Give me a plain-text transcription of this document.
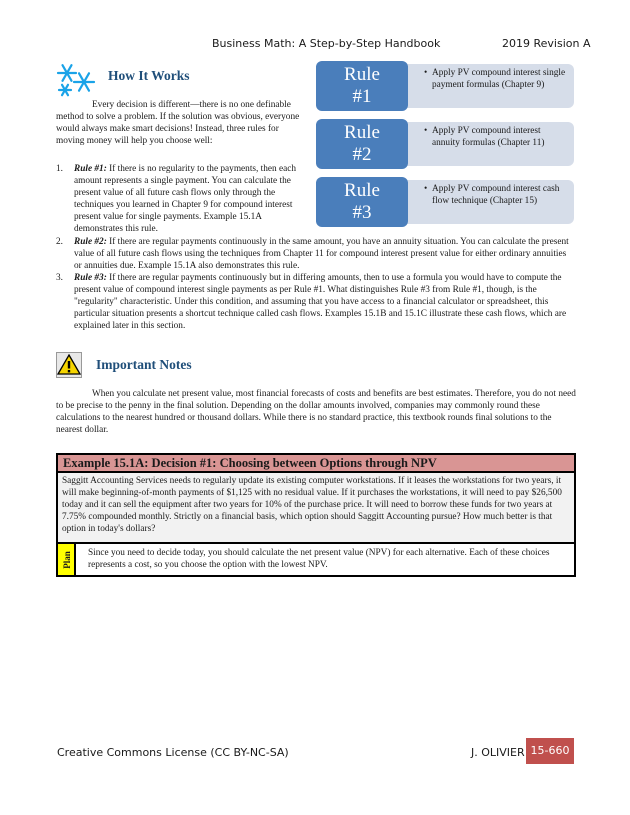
Business Math: A Step-by-Step Handbook	2019 Revision A
How It Works

Every decision is different—there is no one definable method to solve a problem. If the solution was obvious, everyone would always make smart decisions! Instead, three rules for moving money will help you choose well:

1. Rule #1: If there is no regularity to the payments, then each amount represents a single payment. You can calculate the present value of all future cash flows only through the techniques you learned in Chapter 9 for compound interest present value for single payments. Example 15.1A demonstrates this rule.
2. Rule #2: If there are regular payments continuously in the same amount, you have an annuity situation. You can calculate the present value of all future cash flows using the techniques from Chapter 11 for compound interest present value for either ordinary annuities or annuities due. Example 15.1A also demonstrates this rule.
3. Rule #3: If there are regular payments continuously but in differing amounts, then to use a formula you would have to compute the present value of compound interest single payments as per Rule #1. What distinguishes Rule #3 from Rule #1, though, is the "regularity" characteristic. Under this condition, and assuming that you have access to a financial calculator or spreadsheet, this particular situation presents a shortcut technique called cash flows. Examples 15.1B and 15.1C illustrate these cash flows, which are explained later in this section.
• Apply PV compound interest single payment formulas (Chapter 9)
Rule
#1
• Apply PV compound interest annuity formulas (Chapter 11)
Rule
#2
• Apply PV compound interest cash flow technique (Chapter 15)
Rule
#3
Important Notes

When you calculate net present value, most financial forecasts of costs and benefits are best estimates. Therefore, you do not need to be precise to the penny in the final solution. Depending on the dollar amounts involved, companies may commonly round these calculations to the nearest hundred or thousand dollars. While there is no standard practice, this textbook rounds final solutions to the nearest dollar.

Example 15.1A: Decision #1: Choosing between Options through NPV
Saggitt Accounting Services needs to regularly update its existing computer workstations. If it leases the workstations for two years, it will make beginning-of-month payments of $1,125 with no residual value. If it purchases the workstations, it will need to pay $26,500 today and it can sell the equipment after two years for 10% of the purchase price. It will need to borrow these funds for two years at 7.75% compounded monthly. Strictly on a financial basis, which option should Saggitt Accounting pursue? How much better is that option in today's dollars?
Plan Since you need to decide today, you should calculate the net present value (NPV) for each alternative. Each of these choices represents a cost, so you choose the option with the lowest NPV.
Creative Commons License (CC BY-NC-SA)	J. OLIVIER 15-660
